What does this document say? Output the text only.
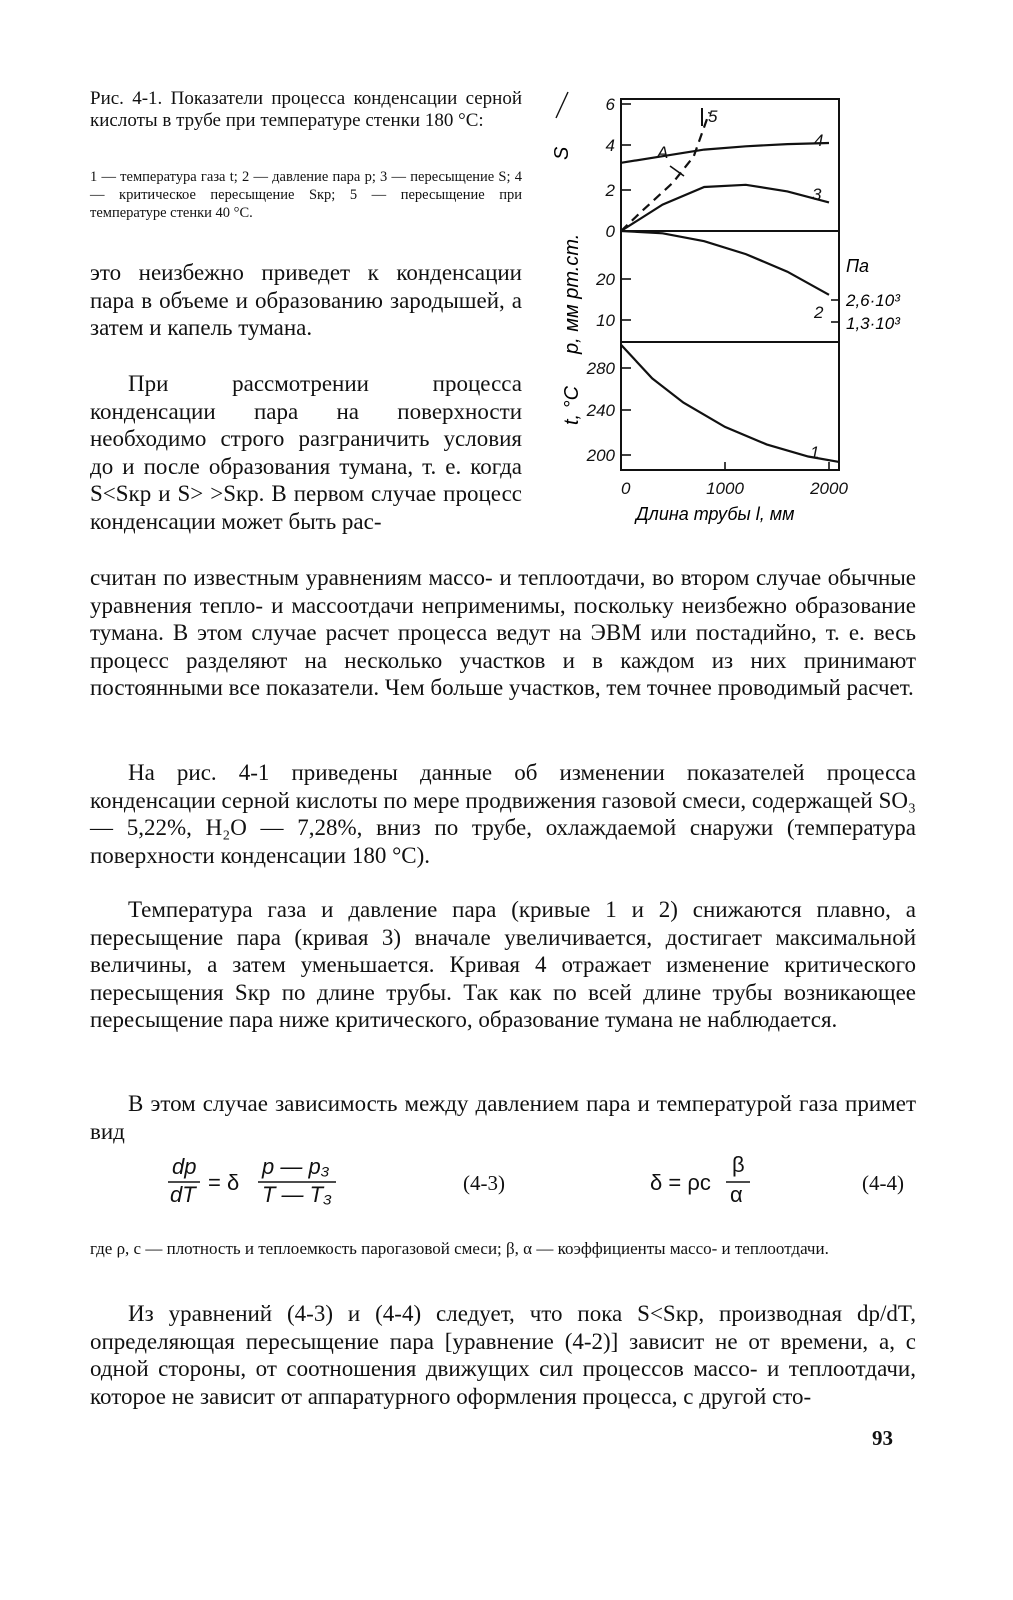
Рис. 4-1. Показатели процесса конденсации серной кислоты в трубе при температуре стенки 180 °С:
1 — температура газа t; 2 — давление пара p; 3 — пересыщение S; 4 — критическое пересыщение Sкр; 5 — пересыщение при температуре стенки 40 °С.
6
4
2
0
20
10
280
240
200
0	1000	2000
1
2
3
4
5
A
S
p, мм рт.ст.
t, °С
Па
2,6·10³
1,3·10³
Длина трубы l, мм
это неизбежно приведет к конденсации пара в объеме и образованию зародышей, а затем и капель тумана.
При рассмотрении процесса конденсации пара на поверхности необходимо строго разграничить условия до и после образования тумана, т. е. когда S<Sкр и S> >Sкр. В первом случае процесс конденсации может быть рас-
считан по известным уравнениям массо- и теплоотдачи, во втором случае обычные уравнения тепло- и массоотдачи неприменимы, поскольку неизбежно образование тумана. В этом случае расчет процесса ведут на ЭВМ или постадийно, т. е. весь процесс разделяют на несколько участков и в каждом из них принимают постоянными все показатели. Чем больше участков, тем точнее проводимый расчет.
На рис. 4-1 приведены данные об изменении показателей процесса конденсации серной кислоты по мере продвижения газовой смеси, содержащей SO₃ — 5,22%, H₂O — 7,28%, вниз по трубе, охлаждаемой снаружи (температура поверхности конденсации 180 °С).
Температура газа и давление пара (кривые 1 и 2) снижаются плавно, а пересыщение пара (кривая 3) вначале увеличивается, достигает максимальной величины, а затем уменьшается. Кривая 4 отражает изменение критического пересыщения Sкр по длине трубы. Так как по всей длине трубы возникающее пересыщение пара ниже критического, образование тумана не наблюдается.
В этом случае зависимость между давлением пара и температурой газа примет вид
dp
dT = δ
p — p₃
T — T₃	δ = ρc
β
α
(4-3)	(4-4)
где ρ, c — плотность и теплоемкость парогазовой смеси; β, α — коэффициенты массо- и теплоотдачи.
Из уравнений (4-3) и (4-4) следует, что пока S<Sкр, производная dp/dT, определяющая пересыщение пара [уравнение (4-2)] зависит не от времени, а, с одной стороны, от соотношения движущих сил процессов массо- и теплоотдачи, которое не зависит от аппаратурного оформления процесса, с другой сто-
93
